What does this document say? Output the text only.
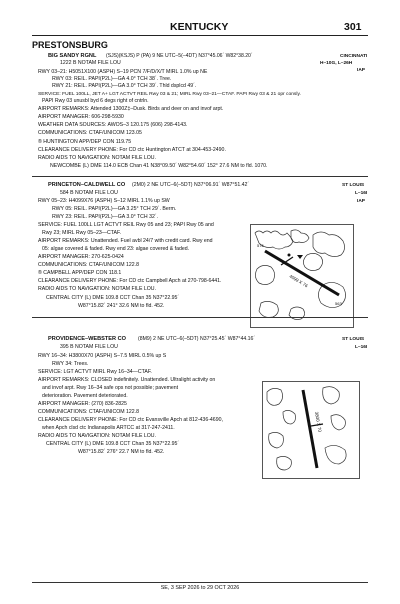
KENTUCKY	301
PRESTONSBURG
BIG SANDY RGNL (SJS)(KSJS) P (PA) 9 NE UTC–5(–4DT) N37°45.06´ W82°38.20´
1222 B NOTAM FILE LOU
CINCINNATI
H–10G, L–26H
IAP
RWY 03–21: H5051X100 (ASPH) S–19 PCN 7/F/D/X/T MIRL 1.0% up NE
RWY 03: REIL. PAPI(P2L)—GA 4.0° TCH 38´. Tree.
RWY 21: REIL. PAPI(P2L)—GA 3.0° TCH 39´. Thld dsplcd 49´.
SERVICE: FUEL 100LL, JET A+ LGT ACTVT REIL Rwy 03 & 21; MIRL Rwy 03–21—CTAF. PAPI Rwy 03 & 21 opr consly.
PAPI Rwy 03 unusbl byd 6 degs right of cntrln.
AIRPORT REMARKS: Attended 1300Z‡–Dusk. Birds and deer on and invof arpt.
AIRPORT MANAGER: 606-298-5930
WEATHER DATA SOURCES: AWOS–3 120.175 (606) 298-4143.
COMMUNICATIONS: CTAF/UNICOM 123.05
® HUNTINGTON APP/DEP CON 119.75
CLEARANCE DELIVERY PHONE: For CD ctc Huntington ATCT at 304-453-2490.
RADIO AIDS TO NAVIGATION: NOTAM FILE LOU.
NEWCOMBE (L) DME 114.0 ECB Chan 41 N38°09.50´ W82°54.60´ 152° 27.6 NM to fld. 1070.
PRINCETON–CALDWELL CO (2M0) 2 NE UTC–6(–5DT) N37°06.91´ W87°51.42´
584 B NOTAM FILE LOU
ST LOUIS
L–16I
IAP
RWY 05–23: H4099X76 (ASPH) S–12 MIRL 1.1% up SW
RWY 05: REIL. PAPI(P2L)—GA 3.25° TCH 29´. Berm.
RWY 23: REIL. PAPI(P2L)—GA 3.0° TCH 32´.
SERVICE: FUEL 100LL LGT ACTVT REIL Rwy 05 and 23; PAPI Rwy 05 and
Rwy 23; MIRL Rwy 05–23—CTAF.
AIRPORT REMARKS: Unattended. Fuel avbl 24/7 with credit card. Rwy end
05: algae covered & faded. Rwy end 23: algae covered & faded.
AIRPORT MANAGER: 270-625-0424
COMMUNICATIONS: CTAF/UNICOM 122.8
® CAMPBELL APP/DEP CON 118.1
CLEARANCE DELIVERY PHONE: For CD ctc Campbell Apch at 270-798-6441.
RADIO AIDS TO NAVIGATION: NOTAM FILE LOU.
CENTRAL CITY (L) DME 109.8 CCT Chan 35 N37°22.95´
W87°15.82´ 241° 32.6 NM to fld. 452.
4099 X 76
576
563
PROVIDENCE–WEBSTER CO (8M9) 2 NE UTC–6(–5DT) N37°25.45´ W87°44.16´
395 B NOTAM FILE LOU
ST LOUIS
L–16I
RWY 16–34: H3800X70 (ASPH) S–7.5 MIRL 0.5% up S
RWY 34: Trees.
SERVICE: LGT ACTVT MIRL Rwy 16–34—CTAF.
AIRPORT REMARKS: CLOSED indefinitely. Unattended. Ultralight activity on
and invof arpt. Rwy 16–34 safe ops not possible; pavement
deterioration. Pavement deteriorated.
AIRPORT MANAGER: (270) 836-2825
COMMUNICATIONS: CTAF/UNICOM 122.8
CLEARANCE DELIVERY PHONE: For CD ctc Evansville Apch at 812-436-4690,
when Apch clsd ctc Indianapolis ARTCC at 317-247-2411.
RADIO AIDS TO NAVIGATION: NOTAM FILE LOU.
CENTRAL CITY (L) DME 109.8 CCT Chan 35 N37°22.95´
W87°15.82´ 276° 22.7 NM to fld. 452.
3800 X 70
SE, 3 SEP 2026 to 29 OCT 2026
